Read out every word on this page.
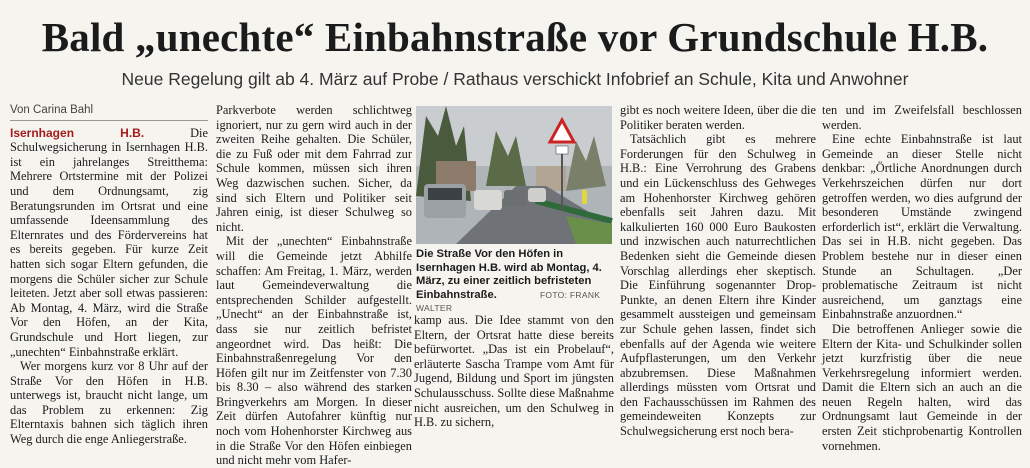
Bald „unechte“ Einbahnstraße vor Grundschule H.B.
Neue Regelung gilt ab 4. März auf Probe / Rathaus verschickt Infobrief an Schule, Kita und Anwohner
Von Carina Bahl

Isernhagen H.B.	Die Schulwegsicherung in Isernhagen H.B. ist ein jahrelanges Streitthema: Mehrere Ortstermine mit der Polizei und dem Ordnungsamt, zig Beratungsrunden im Ortsrat und eine umfassende Ideensammlung des Elternrates und des Fördervereins hat es bereits gegeben. Für kurze Zeit hatten sich sogar Eltern gefunden, die morgens die Schüler sicher zur Schule leiteten. Jetzt aber soll etwas passieren: Ab Montag, 4. März, wird die Straße Vor den Höfen, an der Kita, Grundschule und Hort liegen, zur „unechten“ Einbahnstraße erklärt.

Wer morgens kurz vor 8 Uhr auf der Straße Vor den Höfen in H.B. unterwegs ist, braucht nicht lange, um das Problem zu erkennen: Zig Elterntaxis bahnen sich täglich ihren Weg durch die enge Anliegerstraße.

Parkverbote werden schlichtweg ignoriert, nur zu gern wird auch in der zweiten Reihe gehalten. Die Schüler, die zu Fuß oder mit dem Fahrrad zur Schule kommen, müssen sich ihren Weg dazwischen suchen. Sicher, da sind sich Eltern und Politiker seit Jahren einig, ist dieser Schulweg so nicht.

Mit der „unechten“ Einbahnstraße will die Gemeinde jetzt Abhilfe schaffen: Am Freitag, 1. März, werden laut Gemeindeverwaltung die entsprechenden Schilder aufgestellt. „Unecht“ an der Einbahnstraße ist, dass sie nur zeitlich befristet angeordnet wird. Das heißt: Die Einbahnstraßenregelung Vor den Höfen gilt nur im Zeitfenster von 7.30 bis 8.30 – also während des starken Bringverkehrs am Morgen. In dieser Zeit dürfen Autofahrer künftig nur noch vom Hohenhorster Kirchweg aus in die Straße Vor den Höfen einbiegen und nicht mehr vom Hafer-

Die Straße Vor den Höfen in Isernhagen H.B. wird ab Montag, 4. März, zu einer zeitlich befristeten Einbahnstraße.	FOTO: FRANK WALTER

kamp aus. Die Idee stammt von den Eltern, der Ortsrat hatte diese bereits befürwortet. „Das ist ein Probelauf“, erläuterte Sascha Trampe vom Amt für Jugend, Bildung und Sport im jüngsten Schulausschuss. Sollte diese Maßnahme nicht ausreichen, um den Schulweg in H.B. zu sichern,

gibt es noch weitere Ideen, über die die Politiker beraten werden.

Tatsächlich gibt es mehrere Forderungen für den Schulweg in H.B.: Eine Verrohrung des Grabens und ein Lückenschluss des Gehweges am Hohenhorster Kirchweg gehören ebenfalls seit Jahren dazu. Mit kalkulierten 160 000 Euro Baukosten und inzwischen auch naturrechtlichen Bedenken sieht die Gemeinde diesen Vorschlag allerdings eher skeptisch. Die Einführung sogenannter Drop-Punkte, an denen Eltern ihre Kinder gesammelt aussteigen und gemeinsam zur Schule gehen lassen, findet sich ebenfalls auf der Agenda wie weitere Aufpflasterungen, um den Verkehr abzubremsen. Diese Maßnahmen allerdings müssten vom Ortsrat und den Fachausschüssen im Rahmen des gemeindeweiten Konzepts zur Schulwegsicherung erst noch bera-

ten und im Zweifelsfall beschlossen werden.

Eine echte Einbahnstraße ist laut Gemeinde an dieser Stelle nicht denkbar: „Örtliche Anordnungen durch Verkehrszeichen dürfen nur dort getroffen werden, wo dies aufgrund der besonderen Umstände zwingend erforderlich ist“, erklärt die Verwaltung. Das sei in H.B. nicht gegeben. Das Problem bestehe nur in dieser einen Stunde an Schultagen. „Der problematische Zeitraum ist nicht ausreichend, um ganztags eine Einbahnstraße anzuordnen.“

Die betroffenen Anlieger sowie die Eltern der Kita- und Schulkinder sollen jetzt kurzfristig über die neue Verkehrsregelung informiert werden. Damit die Eltern sich an auch an die neuen Regeln halten, wird das Ordnungsamt laut Gemeinde in der ersten Zeit stichprobenartig Kontrollen vornehmen.
